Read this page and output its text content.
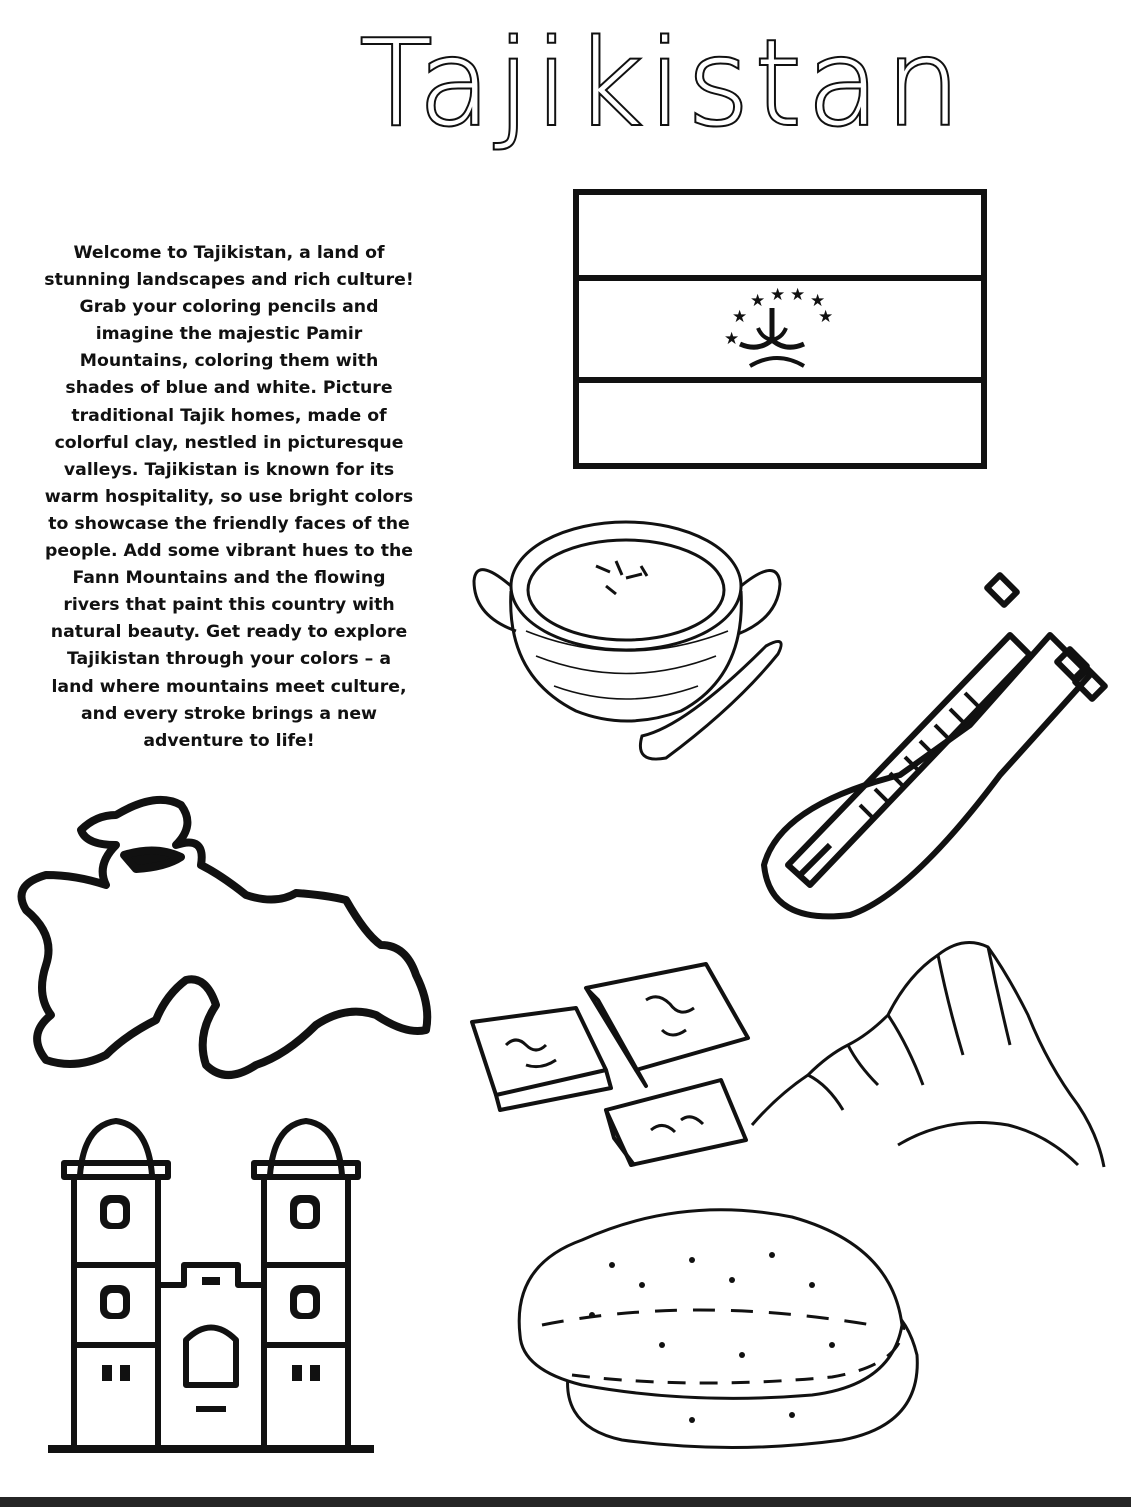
Tajikistan

Welcome to Tajikistan, a land of stunning landscapes and rich culture! Grab your coloring pencils and imagine the majestic Pamir Mountains, coloring them with shades of blue and white. Picture traditional Tajik homes, made of colorful clay, nestled in picturesque valleys. Tajikistan is known for its warm hospitality, so use bright colors to showcase the friendly faces of the people. Add some vibrant hues to the Fann Mountains and the flowing rivers that paint this country with natural beauty. Get ready to explore Tajikistan through your colors – a land where mountains meet culture, and every stroke brings a new adventure to life!

★ ★ ★ ★
★	★
★
